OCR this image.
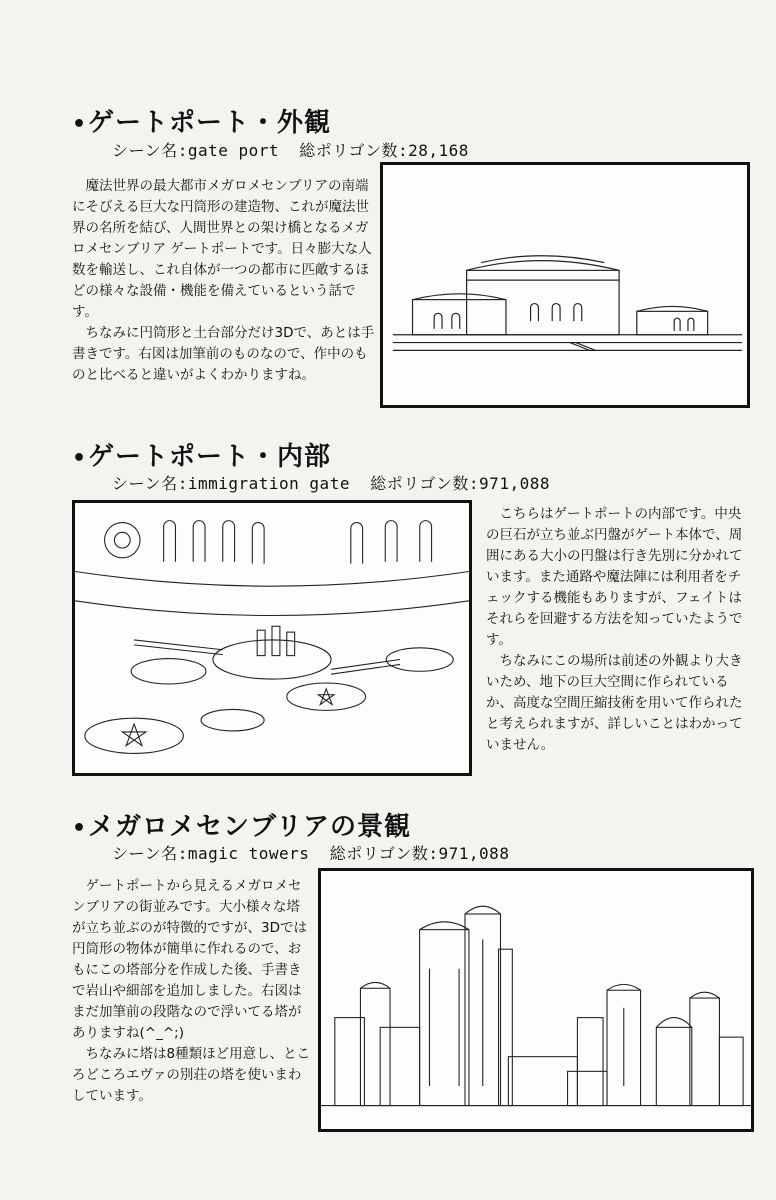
•ゲートポート・外観
シーン名:gate port 総ポリゴン数:28,168

魔法世界の最大都市メガロメセンブリアの南端にそびえる巨大な円筒形の建造物、これが魔法世界の名所を結び、人間世界との架け橋となるメガロメセンブリア ゲートポートです。日々膨大な人数を輸送し、これ自体が一つの都市に匹敵するほどの様々な設備・機能を備えているという話です。

ちなみに円筒形と土台部分だけ3Dで、あとは手書きです。右図は加筆前のものなので、作中のものと比べると違いがよくわかりますね。

•ゲートポート・内部
シーン名:immigration gate 総ポリゴン数:971,088

こちらはゲートポートの内部です。中央の巨石が立ち並ぶ円盤がゲート本体で、周囲にある大小の円盤は行き先別に分かれています。また通路や魔法陣には利用者をチェックする機能もありますが、フェイトはそれらを回避する方法を知っていたようです。

ちなみにこの場所は前述の外観より大きいため、地下の巨大空間に作られているか、高度な空間圧縮技術を用いて作られたと考えられますが、詳しいことはわかっていません。

•メガロメセンブリアの景観
シーン名:magic towers 総ポリゴン数:971,088

ゲートポートから見えるメガロメセンブリアの街並みです。大小様々な塔が立ち並ぶのが特徴的ですが、3Dでは円筒形の物体が簡単に作れるので、おもにこの塔部分を作成した後、手書きで岩山や細部を追加しました。右図はまだ加筆前の段階なので浮いてる塔がありますね(^_^;)

ちなみに塔は8種類ほど用意し、ところどころエヴァの別荘の塔を使いまわしています。
